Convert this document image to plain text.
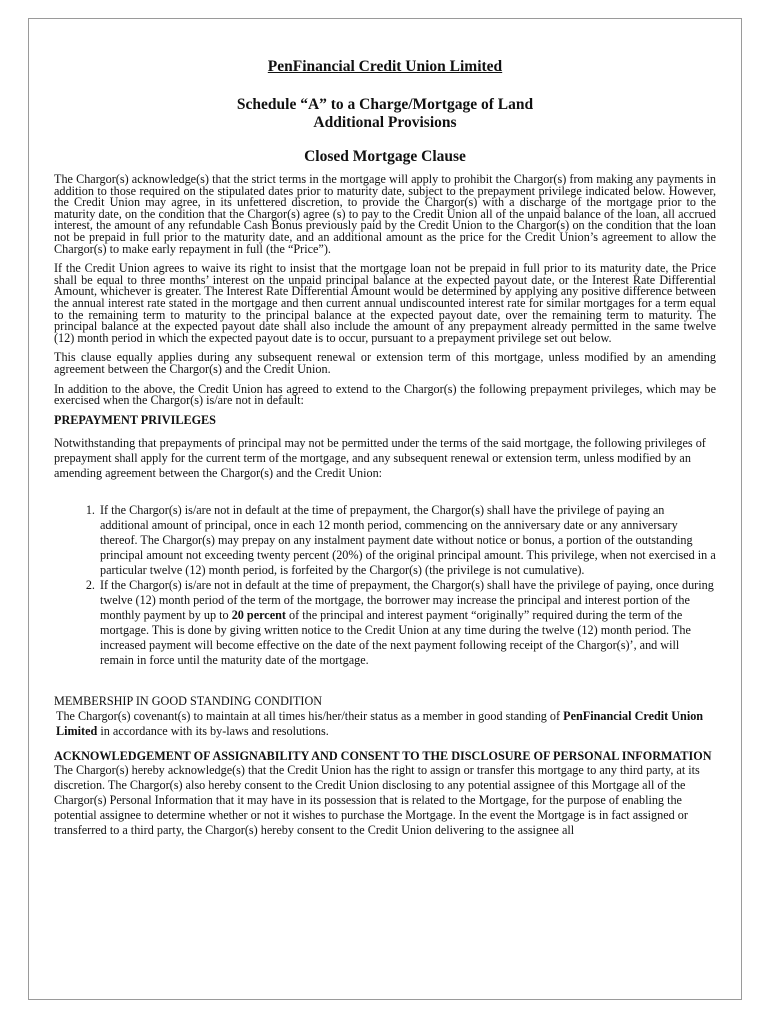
PenFinancial Credit Union Limited
Schedule “A” to a Charge/Mortgage of Land
Additional Provisions
Closed Mortgage Clause

The Chargor(s) acknowledge(s) that the strict terms in the mortgage will apply to prohibit the Chargor(s) from making any payments in addition to those required on the stipulated dates prior to maturity date, subject to the prepayment privilege indicated below. However, the Credit Union may agree, in its unfettered discretion, to provide the Chargor(s) with a discharge of the mortgage prior to the maturity date, on the condition that the Chargor(s) agree (s) to pay to the Credit Union all of the unpaid balance of the loan, all accrued interest, the amount of any refundable Cash Bonus previously paid by the Credit Union to the Chargor(s) on the condition that the loan not be prepaid in full prior to the maturity date, and an additional amount as the price for the Credit Union’s agreement to allow the Chargor(s) to make early repayment in full (the “Price”).

If the Credit Union agrees to waive its right to insist that the mortgage loan not be prepaid in full prior to its maturity date, the Price shall be equal to three months’ interest on the unpaid principal balance at the expected payout date, or the Interest Rate Differential Amount, whichever is greater. The Interest Rate Differential Amount would be determined by applying any positive difference between the annual interest rate stated in the mortgage and then current annual undiscounted interest rate for similar mortgages for a term equal to the remaining term to maturity to the principal balance at the expected payout date, over the remaining term to maturity. The principal balance at the expected payout date shall also include the amount of any prepayment already permitted in the same twelve (12) month period in which the expected payout date is to occur, pursuant to a prepayment privilege set out below.

This clause equally applies during any subsequent renewal or extension term of this mortgage, unless modified by an amending agreement between the Chargor(s) and the Credit Union.

In addition to the above, the Credit Union has agreed to extend to the Chargor(s) the following prepayment privileges, which may be exercised when the Chargor(s) is/are not in default:

PREPAYMENT PRIVILEGES

Notwithstanding that prepayments of principal may not be permitted under the terms of the said mortgage, the following privileges of prepayment shall apply for the current term of the mortgage, and any subsequent renewal or extension term, unless modified by an amending agreement between the Chargor(s) and the Credit Union:

1. If the Chargor(s) is/are not in default at the time of prepayment, the Chargor(s) shall have the privilege of paying an additional amount of principal, once in each 12 month period, commencing on the anniversary date or any anniversary thereof. The Chargor(s) may prepay on any instalment payment date without notice or bonus, a portion of the outstanding principal amount not exceeding twenty percent (20%) of the original principal amount. This privilege, when not exercised in a particular twelve (12) month period, is forfeited by the Chargor(s) (the privilege is not cumulative).
2. If the Chargor(s) is/are not in default at the time of prepayment, the Chargor(s) shall have the privilege of paying, once during twelve (12) month period of the term of the mortgage, the borrower may increase the principal and interest portion of the monthly payment by up to 20 percent of the principal and interest payment “originally” required during the term of the mortgage. This is done by giving written notice to the Credit Union at any time during the twelve (12) month period. The increased payment will become effective on the date of the next payment following receipt of the Chargor(s)’, and will remain in force until the maturity date of the mortgage.
MEMBERSHIP IN GOOD STANDING CONDITION
The Chargor(s) covenant(s) to maintain at all times his/her/their status as a member in good standing of PenFinancial Credit Union Limited in accordance with its by-laws and resolutions.
ACKNOWLEDGEMENT OF ASSIGNABILITY AND CONSENT TO THE DISCLOSURE OF PERSONAL INFORMATION
The Chargor(s) hereby acknowledge(s) that the Credit Union has the right to assign or transfer this mortgage to any third party, at its discretion. The Chargor(s) also hereby consent to the Credit Union disclosing to any potential assignee of this Mortgage all of the Chargor(s) Personal Information that it may have in its possession that is related to the Mortgage, for the purpose of enabling the potential assignee to determine whether or not it wishes to purchase the Mortgage. In the event the Mortgage is in fact assigned or transferred to a third party, the Chargor(s) hereby consent to the Credit Union delivering to the assignee all
